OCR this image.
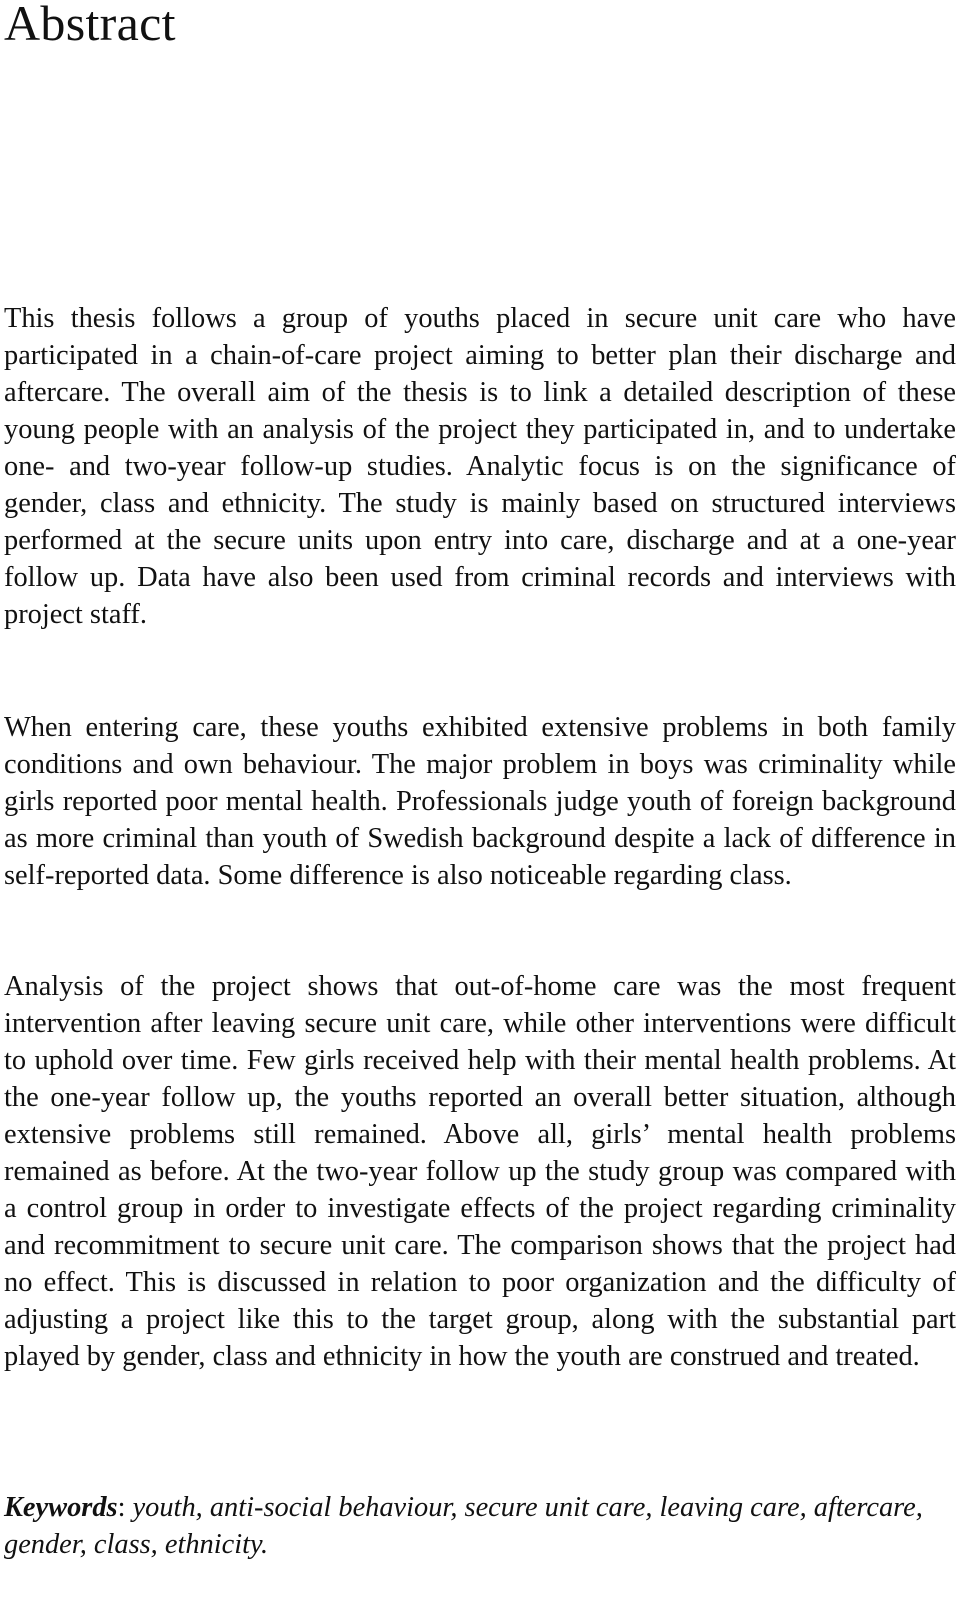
Abstract

This thesis follows a group of youths placed in secure unit care who have participated in a chain-of-care project aiming to better plan their discharge and aftercare. The overall aim of the thesis is to link a detailed description of these young people with an analysis of the project they participated in, and to undertake one- and two-year follow-up studies. Analytic focus is on the significance of gender, class and ethnicity. The study is mainly based on structured interviews performed at the secure units upon entry into care, discharge and at a one-year follow up. Data have also been used from criminal records and interviews with project staff.

When entering care, these youths exhibited extensive problems in both family conditions and own behaviour. The major problem in boys was criminality while girls reported poor mental health. Professionals judge youth of foreign background as more criminal than youth of Swedish background despite a lack of difference in self-reported data. Some difference is also noticeable regarding class.

Analysis of the project shows that out-of-home care was the most frequent intervention after leaving secure unit care, while other interventions were difficult to uphold over time. Few girls received help with their mental health problems. At the one-year follow up, the youths reported an overall better situation, although extensive problems still remained. Above all, girls’ mental health problems remained as before. At the two-year follow up the study group was compared with a control group in order to investigate effects of the project regarding criminality and recommitment to secure unit care. The comparison shows that the project had no effect. This is discussed in relation to poor organization and the difficulty of adjusting a project like this to the target group, along with the substantial part played by gender, class and ethnicity in how the youth are construed and treated.

Keywords: youth, anti-social behaviour, secure unit care, leaving care, aftercare, gender, class, ethnicity.
